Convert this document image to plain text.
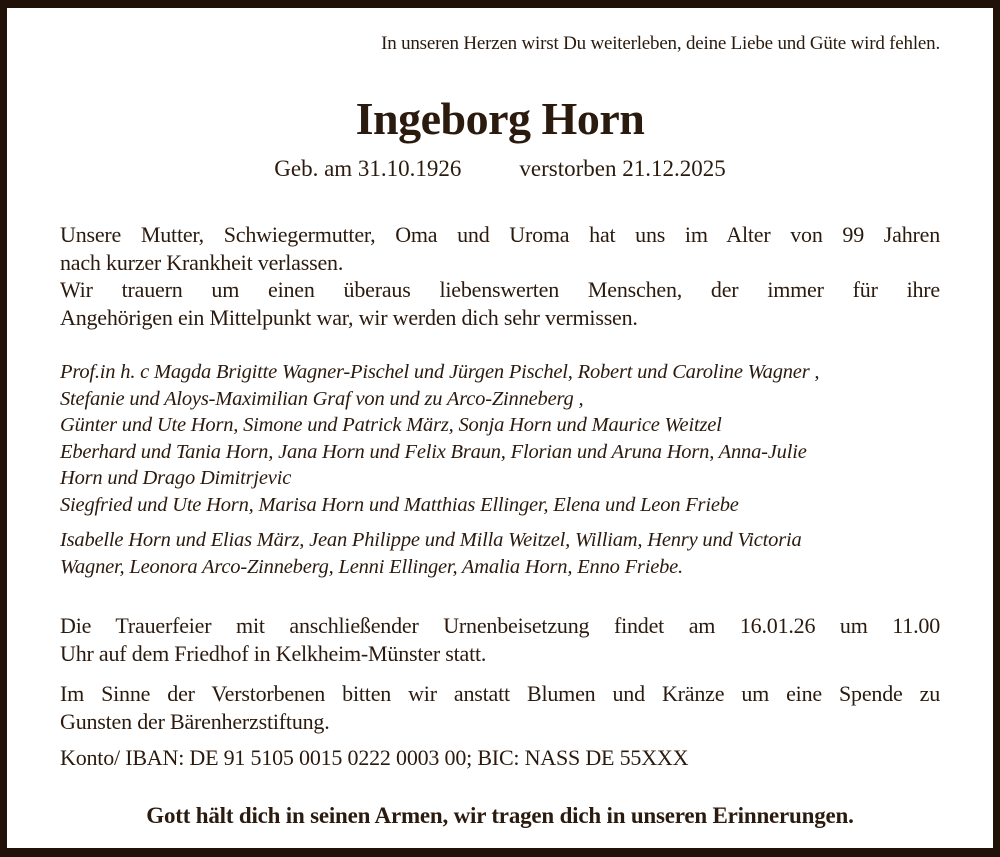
In unseren Herzen wirst Du weiterleben, deine Liebe und Güte wird fehlen.
Ingeborg Horn
Geb. am 31.10.1926	verstorben 21.12.2025
Unsere Mutter, Schwiegermutter, Oma und Uroma hat uns im Alter von 99 Jahren
nach kurzer Krankheit verlassen.
Wir trauern um einen überaus liebenswerten Menschen, der immer für ihre
Angehörigen ein Mittelpunkt war, wir werden dich sehr vermissen.
Prof.in h. c Magda Brigitte Wagner-Pischel und Jürgen Pischel, Robert und Caroline Wagner ,
Stefanie und Aloys-Maximilian Graf von und zu Arco-Zinneberg ,
Günter und Ute Horn, Simone und Patrick März, Sonja Horn und Maurice Weitzel
Eberhard und Tania Horn, Jana Horn und Felix Braun, Florian und Aruna Horn, Anna-Julie
Horn und Drago Dimitrjevic
Siegfried und Ute Horn, Marisa Horn und Matthias Ellinger, Elena und Leon Friebe
Isabelle Horn und Elias März, Jean Philippe und Milla Weitzel, William, Henry und Victoria
Wagner, Leonora Arco-Zinneberg, Lenni Ellinger, Amalia Horn, Enno Friebe.
Die Trauerfeier mit anschließender Urnenbeisetzung findet am 16.01.26 um 11.00
Uhr auf dem Friedhof in Kelkheim-Münster statt.
Im Sinne der Verstorbenen bitten wir anstatt Blumen und Kränze um eine Spende zu
Gunsten der Bärenherzstiftung.
Konto/ IBAN: DE 91 5105 0015 0222 0003 00; BIC: NASS DE 55XXX
Gott hält dich in seinen Armen, wir tragen dich in unseren Erinnerungen.
